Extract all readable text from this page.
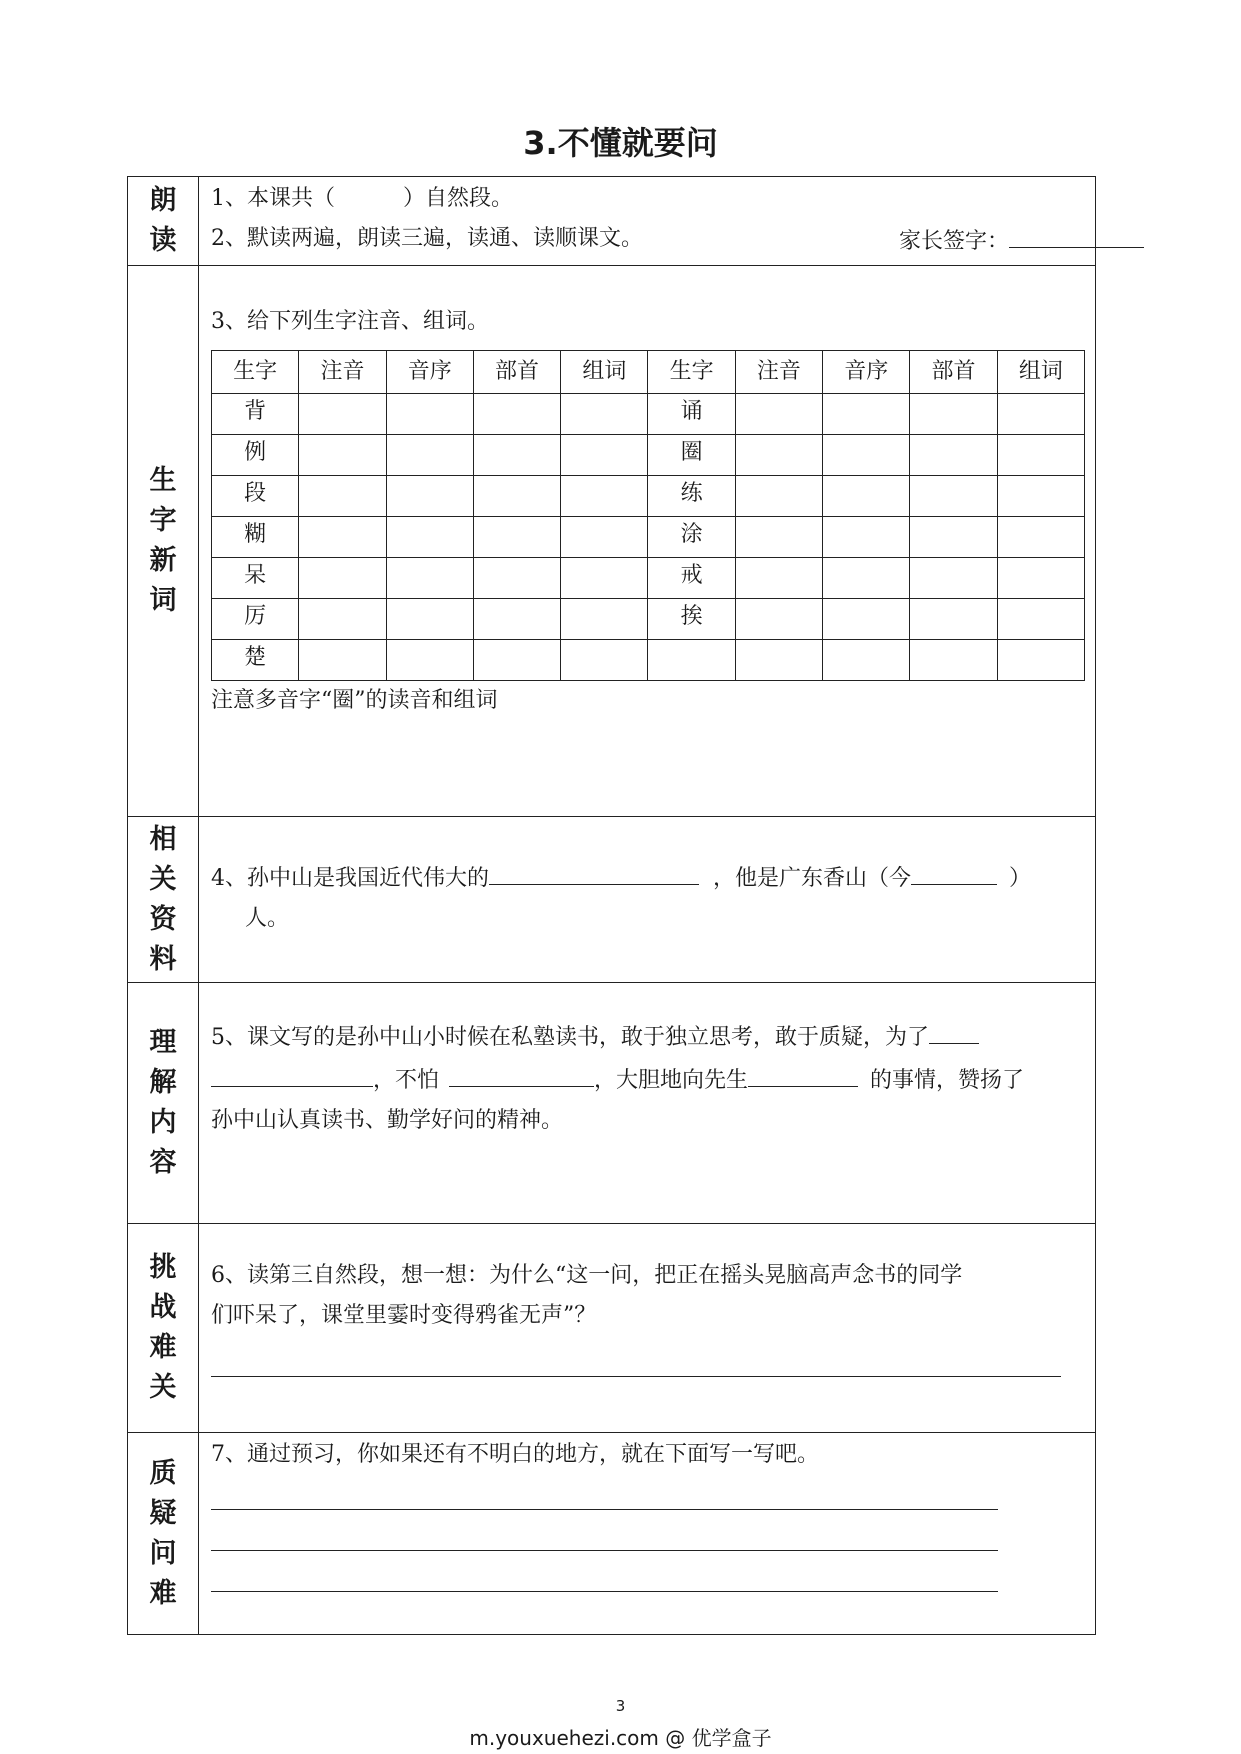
3.不懂就要问
朗
读

1、本课共（	）自然段。
2、默读两遍，朗读三遍，读通、读顺课文。	家长签字：

生
字
新
词

3、给下列生字注音、组词。
生字	注音	音序	部首	组词	生字	注音	音序	部首	组词
背					诵				
例					圈				
段					练				
糊					涂				
呆					戒				
厉					挨				
楚									
注意多音字“圈”的读音和组词

相
关
资
料

4、孙中山是我国近代伟大的	，他是广东香山（今	）
人。

理
解
内
容

5、课文写的是孙中山小时候在私塾读书，敢于独立思考，敢于质疑，为了
，不怕	，大胆地向先生	的事情，赞扬了
孙中山认真读书、勤学好问的精神。

挑
战
难
关

6、读第三自然段，想一想：为什么“这一问，把正在摇头晃脑高声念书的同学
们吓呆了，课堂里霎时变得鸦雀无声”？

质
疑
问
难

7、通过预习，你如果还有不明白的地方，就在下面写一写吧。
3
m.youxuehezi.com @ 优学盒子
